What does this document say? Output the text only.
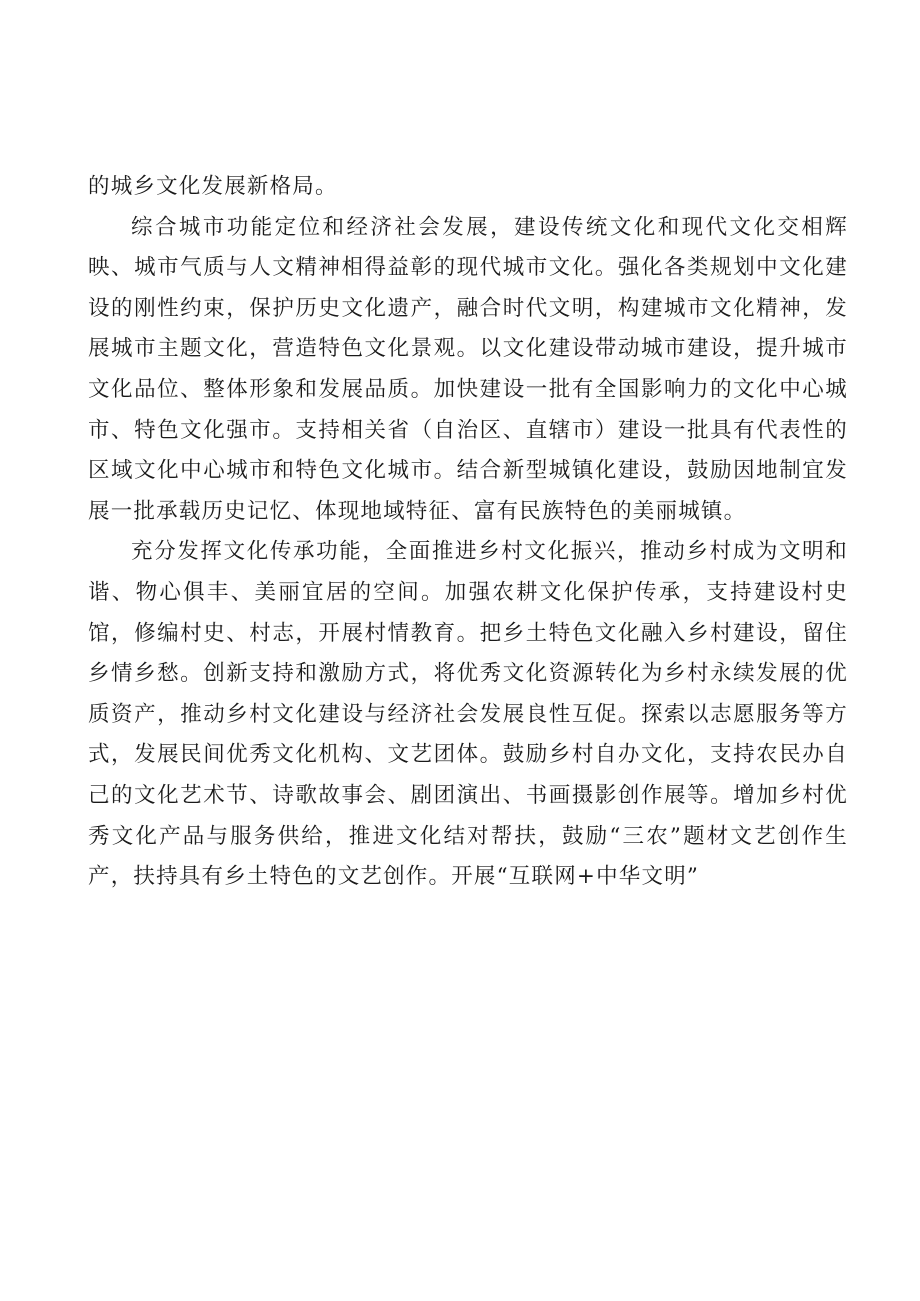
的城乡文化发展新格局。

综合城市功能定位和经济社会发展，建设传统文化和现代文化交相辉映、城市气质与人文精神相得益彰的现代城市文化。强化各类规划中文化建设的刚性约束，保护历史文化遗产，融合时代文明，构建城市文化精神，发展城市主题文化，营造特色文化景观。以文化建设带动城市建设，提升城市文化品位、整体形象和发展品质。加快建设一批有全国影响力的文化中心城市、特色文化强市。支持相关省（自治区、直辖市）建设一批具有代表性的区域文化中心城市和特色文化城市。结合新型城镇化建设，鼓励因地制宜发展一批承载历史记忆、体现地域特征、富有民族特色的美丽城镇。

充分发挥文化传承功能，全面推进乡村文化振兴，推动乡村成为文明和谐、物心俱丰、美丽宜居的空间。加强农耕文化保护传承，支持建设村史馆，修编村史、村志，开展村情教育。把乡土特色文化融入乡村建设，留住乡情乡愁。创新支持和激励方式，将优秀文化资源转化为乡村永续发展的优质资产，推动乡村文化建设与经济社会发展良性互促。探索以志愿服务等方式，发展民间优秀文化机构、文艺团体。鼓励乡村自办文化，支持农民办自己的文化艺术节、诗歌故事会、剧团演出、书画摄影创作展等。增加乡村优秀文化产品与服务供给，推进文化结对帮扶，鼓励“三农”题材文艺创作生产，扶持具有乡土特色的文艺创作。开展“互联网+中华文明”
